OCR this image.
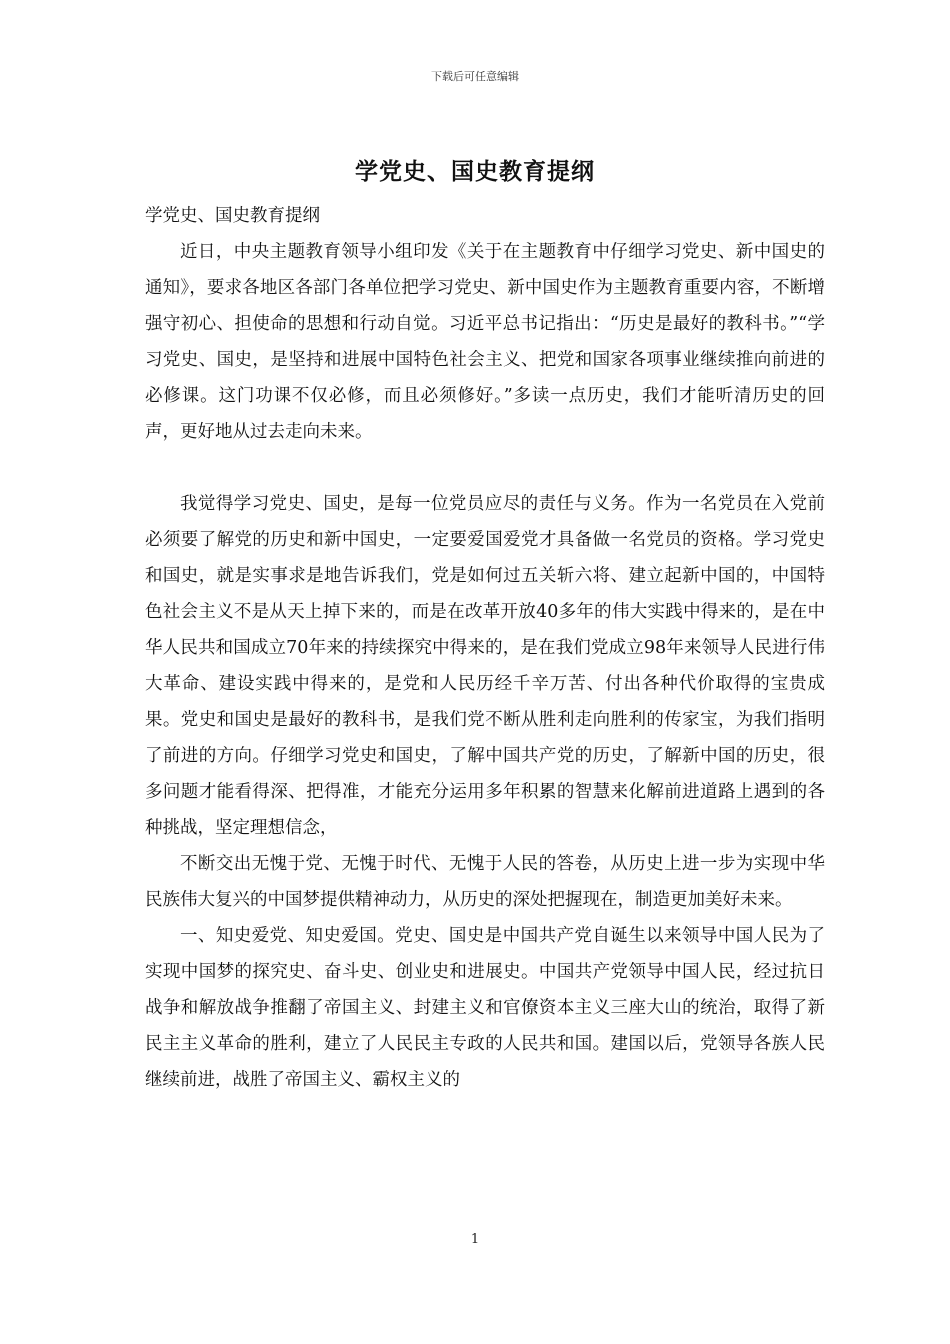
下载后可任意编辑
学党史、国史教育提纲

学党史、国史教育提纲

近日，中央主题教育领导小组印发《关于在主题教育中仔细学习党史、新中国史的通知》，要求各地区各部门各单位把学习党史、新中国史作为主题教育重要内容，不断增强守初心、担使命的思想和行动自觉。习近平总书记指出：“历史是最好的教科书。”“学习党史、国史，是坚持和进展中国特色社会主义、把党和国家各项事业继续推向前进的必修课。这门功课不仅必修，而且必须修好。”多读一点历史，我们才能听清历史的回声，更好地从过去走向未来。

我觉得学习党史、国史，是每一位党员应尽的责任与义务。作为一名党员在入党前必须要了解党的历史和新中国史，一定要爱国爱党才具备做一名党员的资格。学习党史和国史，就是实事求是地告诉我们，党是如何过五关斩六将、建立起新中国的，中国特色社会主义不是从天上掉下来的，而是在改革开放40多年的伟大实践中得来的，是在中华人民共和国成立70年来的持续探究中得来的，是在我们党成立98年来领导人民进行伟大革命、建设实践中得来的，是党和人民历经千辛万苦、付出各种代价取得的宝贵成果。党史和国史是最好的教科书，是我们党不断从胜利走向胜利的传家宝，为我们指明了前进的方向。仔细学习党史和国史，了解中国共产党的历史，了解新中国的历史，很多问题才能看得深、把得准，才能充分运用多年积累的智慧来化解前进道路上遇到的各种挑战，坚定理想信念，

不断交出无愧于党、无愧于时代、无愧于人民的答卷，从历史上进一步为实现中华民族伟大复兴的中国梦提供精神动力，从历史的深处把握现在，制造更加美好未来。

一、知史爱党、知史爱国。党史、国史是中国共产党自诞生以来领导中国人民为了实现中国梦的探究史、奋斗史、创业史和进展史。中国共产党领导中国人民，经过抗日战争和解放战争推翻了帝国主义、封建主义和官僚资本主义三座大山的统治，取得了新民主主义革命的胜利，建立了人民民主专政的人民共和国。建国以后，党领导各族人民继续前进，战胜了帝国主义、霸权主义的

1
